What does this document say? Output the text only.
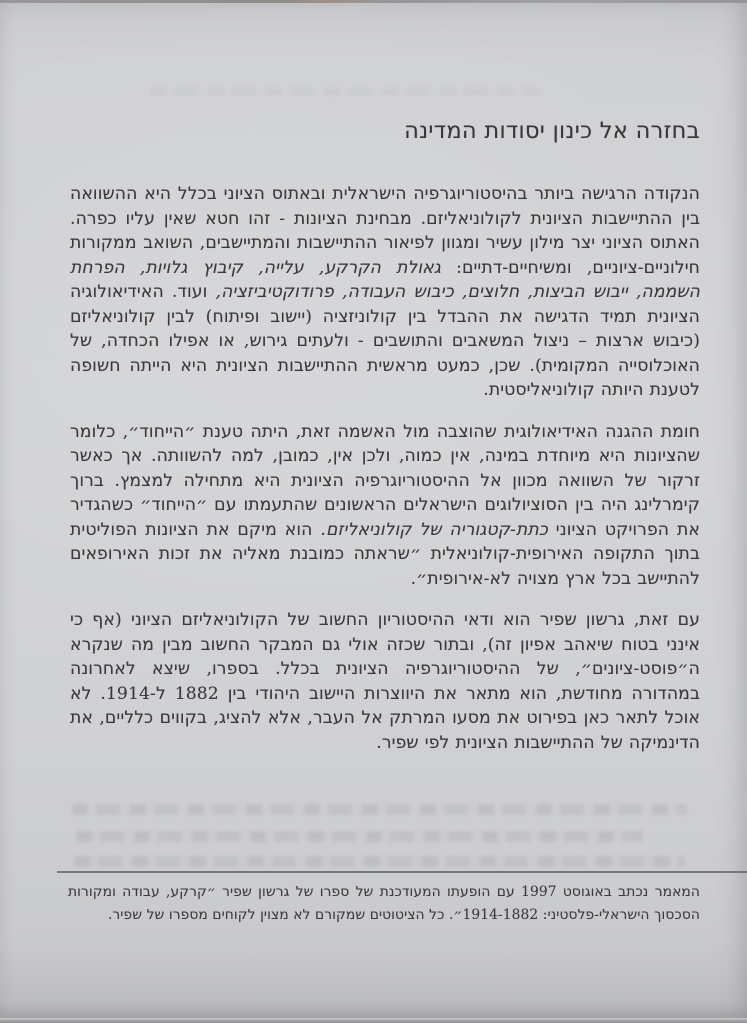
בחזרה אל כינון יסודות המדינה

הנקודה הרגישה ביותר בהיסטוריוגרפיה הישראלית ובאתוס הציוני בכלל היא ההשוואה בין ההתיישבות הציונית לקולוניאליזם. מבחינת הציונות - זהו חטא שאין עליו כפרה. האתוס הציוני יצר מילון עשיר ומגוון לפיאור ההתיישבות והמתיישבים, השואב ממקורות חילוניים-ציוניים, ומשיחיים-דתיים: גאולת הקרקע, עלייה, קיבוץ גלויות, הפרחת השממה, ייבוש הביצות, חלוצים, כיבוש העבודה, פרודוקטיביזציה, ועוד. האידיאולוגיה הציונית תמיד הדגישה את ההבדל בין קולוניזציה (יישוב ופיתוח) לבין קולוניאליזם (כיבוש ארצות – ניצול המשאבים והתושבים - ולעתים גירוש, או אפילו הכחדה, של האוכלוסייה המקומית). שכן, כמעט מראשית ההתיישבות הציונית היא הייתה חשופה לטענת היותה קולוניאליסטית.

חומת ההגנה האידיאולוגית שהוצבה מול האשמה זאת, היתה טענת ״הייחוד״, כלומר שהציונות היא מיוחדת במינה, אין כמוה, ולכן אין, כמובן, למה להשוותה. אך כאשר זרקור של השוואה מכוון אל ההיסטוריוגרפיה הציונית היא מתחילה למצמץ. ברוך קימרלינג היה בין הסוציולוגים הישראלים הראשונים שהתעמתו עם ״הייחוד״ כשהגדיר את הפרויקט הציוני כתת-קטגוריה של קולוניאליזם. הוא מיקם את הציונות הפוליטית בתוך התקופה האירופית-קולוניאלית ״שראתה כמובנת מאליה את זכות האירופאים להתיישב בכל ארץ מצויה לא-אירופית״.

עם זאת, גרשון שפיר הוא ודאי ההיסטוריון החשוב של הקולוניאליזם הציוני (אף כי אינני בטוח שיאהב אפיון זה), ובתור שכזה אולי גם המבקר החשוב מבין מה שנקרא ה״פוסט-ציונים״, של ההיסטוריוגרפיה הציונית בכלל. בספרו, שיצא לאחרונה במהדורה מחודשת, הוא מתאר את היווצרות היישוב היהודי בין 1882 ל-1914. לא אוכל לתאר כאן בפירוט את מסעו המרתק אל העבר, אלא להציג, בקווים כלליים, את הדינמיקה של ההתיישבות הציונית לפי שפיר.

המאמר נכתב באוגוסט 1997 עם הופעתו המעודכנת של ספרו של גרשון שפיר ״קרקע, עבודה ומקורות הסכסוך הישראלי-פלסטיני: 1914-1882״. כל הציטוטים שמקורם לא מצוין לקוחים מספרו של שפיר.
